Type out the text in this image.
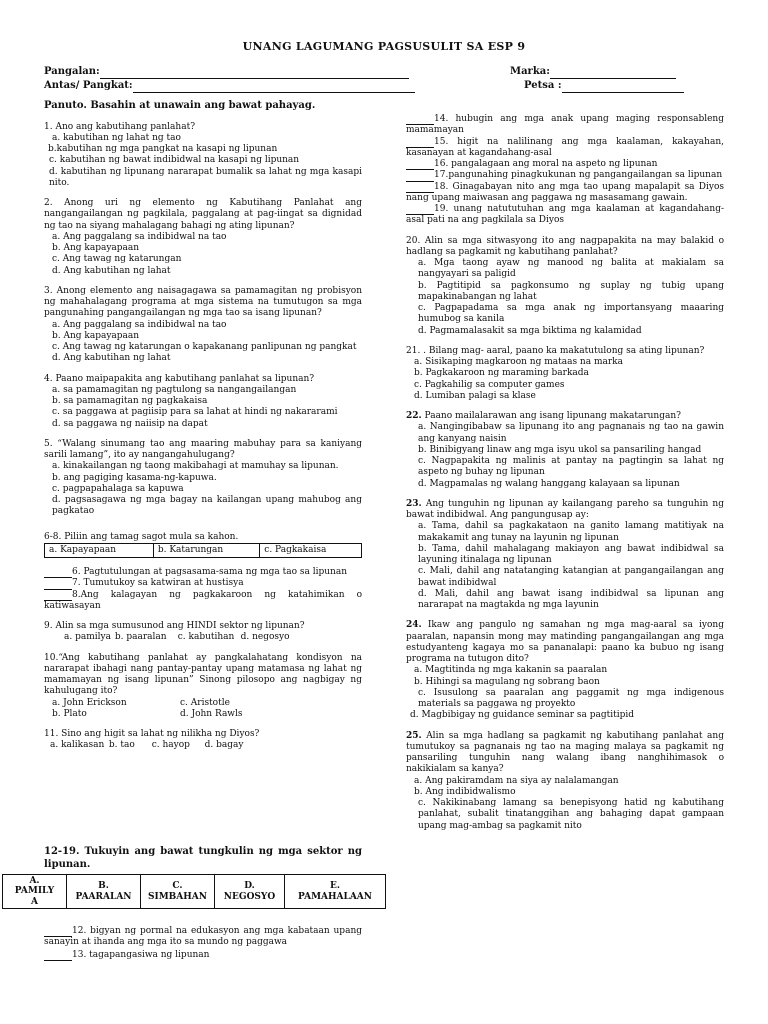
UNANG LAGUMANG PAGSUSULIT SA ESP 9
Pangalan:
Antas/ Pangkat:
Marka:
Petsa :
Panuto. Basahin at unawain ang bawat pahayag.
1. Ano ang kabutihang panlahat?
a. kabutihan ng lahat ng tao
b.kabutihan ng mga pangkat na kasapi ng lipunan
c. kabutihan ng bawat indibidwal na kasapi ng lipunan
d. kabutihan ng lipunang nararapat bumalik sa lahat ng mga kasapi nito.
2. Anong uri ng elemento ng Kabutihang Panlahat ang nangangailangan ng pagkilala, paggalang at pag-iingat sa dignidad ng tao na siyang mahalagang bahagi ng ating lipunan?
a. Ang paggalang sa indibidwal na tao
b. Ang kapayapaan
c. Ang tawag ng katarungan
d. Ang kabutihan ng lahat
3. Anong elemento ang naisagagawa sa pamamagitan ng probisyon ng mahahalagang programa at mga sistema na tumutugon sa mga pangunahing pangangailangan ng mga tao sa isang lipunan?
a. Ang paggalang sa indibidwal na tao
b. Ang kapayapaan
c. Ang tawag ng katarungan o kapakanang panlipunan ng pangkat
d. Ang kabutihan ng lahat
4. Paano maipapakita ang kabutihang panlahat sa lipunan?
a. sa pamamagitan ng pagtulong sa nangangailangan
b. sa pamamagitan ng pagkakaisa
c. sa paggawa at pagiisip para sa lahat at hindi ng nakararami
d. sa paggawa ng naiisip na dapat
5. “Walang sinumang tao ang maaring mabuhay para sa kaniyang sarili lamang”, ito ay nangangahulugang?
a. kinakailangan ng taong makibahagi at mamuhay sa lipunan.
b. ang pagiging kasama-ng-kapuwa.
c. pagpapahalaga sa kapuwa
d. pagsasagawa ng mga bagay na kailangan upang mahubog ang pagkatao
6-8. Piliin ang tamag sagot mula sa kahon.
a. Kapayapaan	b. Katarungan	c. Pagkakaisa
6. Pagtutulungan at pagsasama-sama ng mga tao sa lipunan
7. Tumutukoy sa katwiran at hustisya
8.Ang kalagayan ng pagkakaroon ng katahimikan o katiwasayan
9. Alin sa mga sumusunod ang HINDI sektor ng lipunan?
a. pamilya b. paaralan c. kabutihan d. negosyo
10.“Ang kabutihang panlahat ay pangkalahatang kondisyon na nararapat ibahagi nang pantay-pantay upang matamasa ng lahat ng mamamayan ng isang lipunan” Sinong pilosopo ang nagbigay ng kahulugang ito?
a. John Erickson	c. Aristotle
b. Plato	d. John Rawls
11. Sino ang higit sa lahat ng nilikha ng Diyos?
a. kalikasan b. tao c. hayop d. bagay
12-19. Tukuyin ang bawat tungkulin ng mga sektor ng lipunan.
A.
PAMILY A

B.
PAARALAN

C.
SIMBAHAN

D.
NEGOSYO

E.
PAMAHALAAN
12. bigyan ng pormal na edukasyon ang mga kabataan upang sanayin at ihanda ang mga ito sa mundo ng paggawa
13. tagapangasiwa ng lipunan
14. hubugin ang mga anak upang maging responsableng mamamayan
15. higit na nalilinang ang mga kaalaman, kakayahan, kasanayan at kagandahang-asal
16. pangalagaan ang moral na aspeto ng lipunan
17.pangunahing pinagkukunan ng pangangailangan sa lipunan
18. Ginagabayan nito ang mga tao upang mapalapit sa Diyos nang upang maiwasan ang paggawa ng masasamang gawain.
19. unang natututuhan ang mga kaalaman at kagandahang-asal pati na ang pagkilala sa Diyos
20. Alin sa mga sitwasyong ito ang nagpapakita na may balakid o hadlang sa pagkamit ng kabutihang panlahat?
a. Mga taong ayaw ng manood ng balita at makialam sa nangyayari sa paligid
b. Pagtitipid sa pagkonsumo ng suplay ng tubig upang mapakinabangan ng lahat
c. Pagpapadama sa mga anak ng importansyang maaaring humubog sa kanila
d. Pagmamalasakit sa mga biktima ng kalamidad
21. . Bilang mag- aaral, paano ka makatutulong sa ating lipunan?
a. Sisikaping magkaroon ng mataas na marka
b. Pagkakaroon ng maraming barkada
c. Pagkahilig sa computer games
d. Lumiban palagi sa klase
22. Paano mailalarawan ang isang lipunang makatarungan?
a. Nangingibabaw sa lipunang ito ang pagnanais ng tao na gawin ang kanyang naisin
b. Binibigyang linaw ang mga isyu ukol sa pansariling hangad
c. Nagpapakita ng malinis at pantay na pagtingin sa lahat ng aspeto ng buhay ng lipunan
d. Magpamalas ng walang hanggang kalayaan sa lipunan
23. Ang tunguhin ng lipunan ay kailangang pareho sa tunguhin ng bawat indibidwal. Ang pangungusap ay:
a. Tama, dahil sa pagkakataon na ganito lamang matitiyak na makakamit ang tunay na layunin ng lipunan
b. Tama, dahil mahalagang makiayon ang bawat indibidwal sa layuning itinalaga ng lipunan
c. Mali, dahil ang natatanging katangian at pangangailangan ang bawat indibidwal
d. Mali, dahil ang bawat isang indibidwal sa lipunan ang nararapat na magtakda ng mga layunin
24. Ikaw ang pangulo ng samahan ng mga mag-aaral sa iyong paaralan, napansin mong may matinding pangangailangan ang mga estudyanteng kagaya mo sa pananalapi: paano ka bubuo ng isang programa na tutugon dito?
a. Magtitinda ng mga kakanin sa paaralan
b. Hihingi sa magulang ng sobrang baon
c. Isusulong sa paaralan ang paggamit ng mga indigenous materials sa paggawa ng proyekto
d. Magbibigay ng guidance seminar sa pagtitipid
25. Alin sa mga hadlang sa pagkamit ng kabutihang panlahat ang tumutukoy sa pagnanais ng tao na maging malaya sa pagkamit ng pansariling tunguhin nang walang ibang nanghihimasok o nakikialam sa kanya?
a. Ang pakiramdam na siya ay nalalamangan
b. Ang indibidwalismo
c. Nakikinabang lamang sa benepisyong hatid ng kabutihang panlahat, subalit tinatanggihan ang bahaging dapat gampaan upang mag-ambag sa pagkamit nito
